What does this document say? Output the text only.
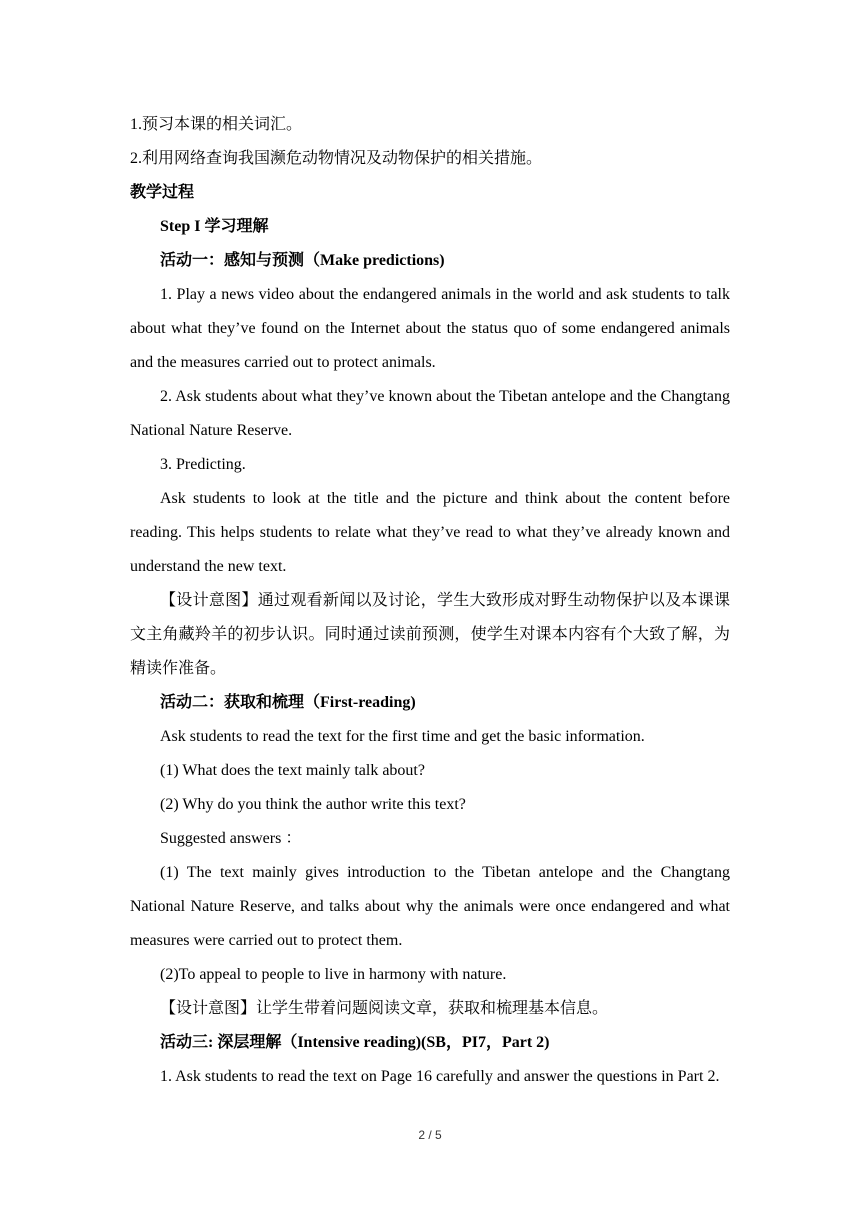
1.预习本课的相关词汇。

2.利用网络查询我国濒危动物情况及动物保护的相关措施。

教学过程

Step I 学习理解

活动一：感知与预测（Make predictions)

1. Play a news video about the endangered animals in the world and ask students to talk about what they’ve found on the Internet about the status quo of some endangered animals and the measures carried out to protect animals.

2. Ask students about what they’ve known about the Tibetan antelope and the Changtang National Nature Reserve.

3. Predicting.

Ask students to look at the title and the picture and think about the content before reading. This helps students to relate what they’ve read to what they’ve already known and understand the new text.

【设计意图】通过观看新闻以及讨论，学生大致形成对野生动物保护以及本课课文主角藏羚羊的初步认识。同时通过读前预测，使学生对课本内容有个大致了解，为精读作准备。

活动二：获取和梳理（First-reading)

Ask students to read the text for the first time and get the basic information.

(1) What does the text mainly talk about?

(2) Why do you think the author write this text?

Suggested answers ：

(1) The text mainly gives introduction to the Tibetan antelope and the Changtang National Nature Reserve, and talks about why the animals were once endangered and what measures were carried out to protect them.

(2)To appeal to people to live in harmony with nature.

【设计意图】让学生带着问题阅读文章，获取和梳理基本信息。

活动三: 深层理解（Intensive reading)(SB，PI7，Part 2)

1. Ask students to read the text on Page 16 carefully and answer the questions in Part 2.

2 / 5
